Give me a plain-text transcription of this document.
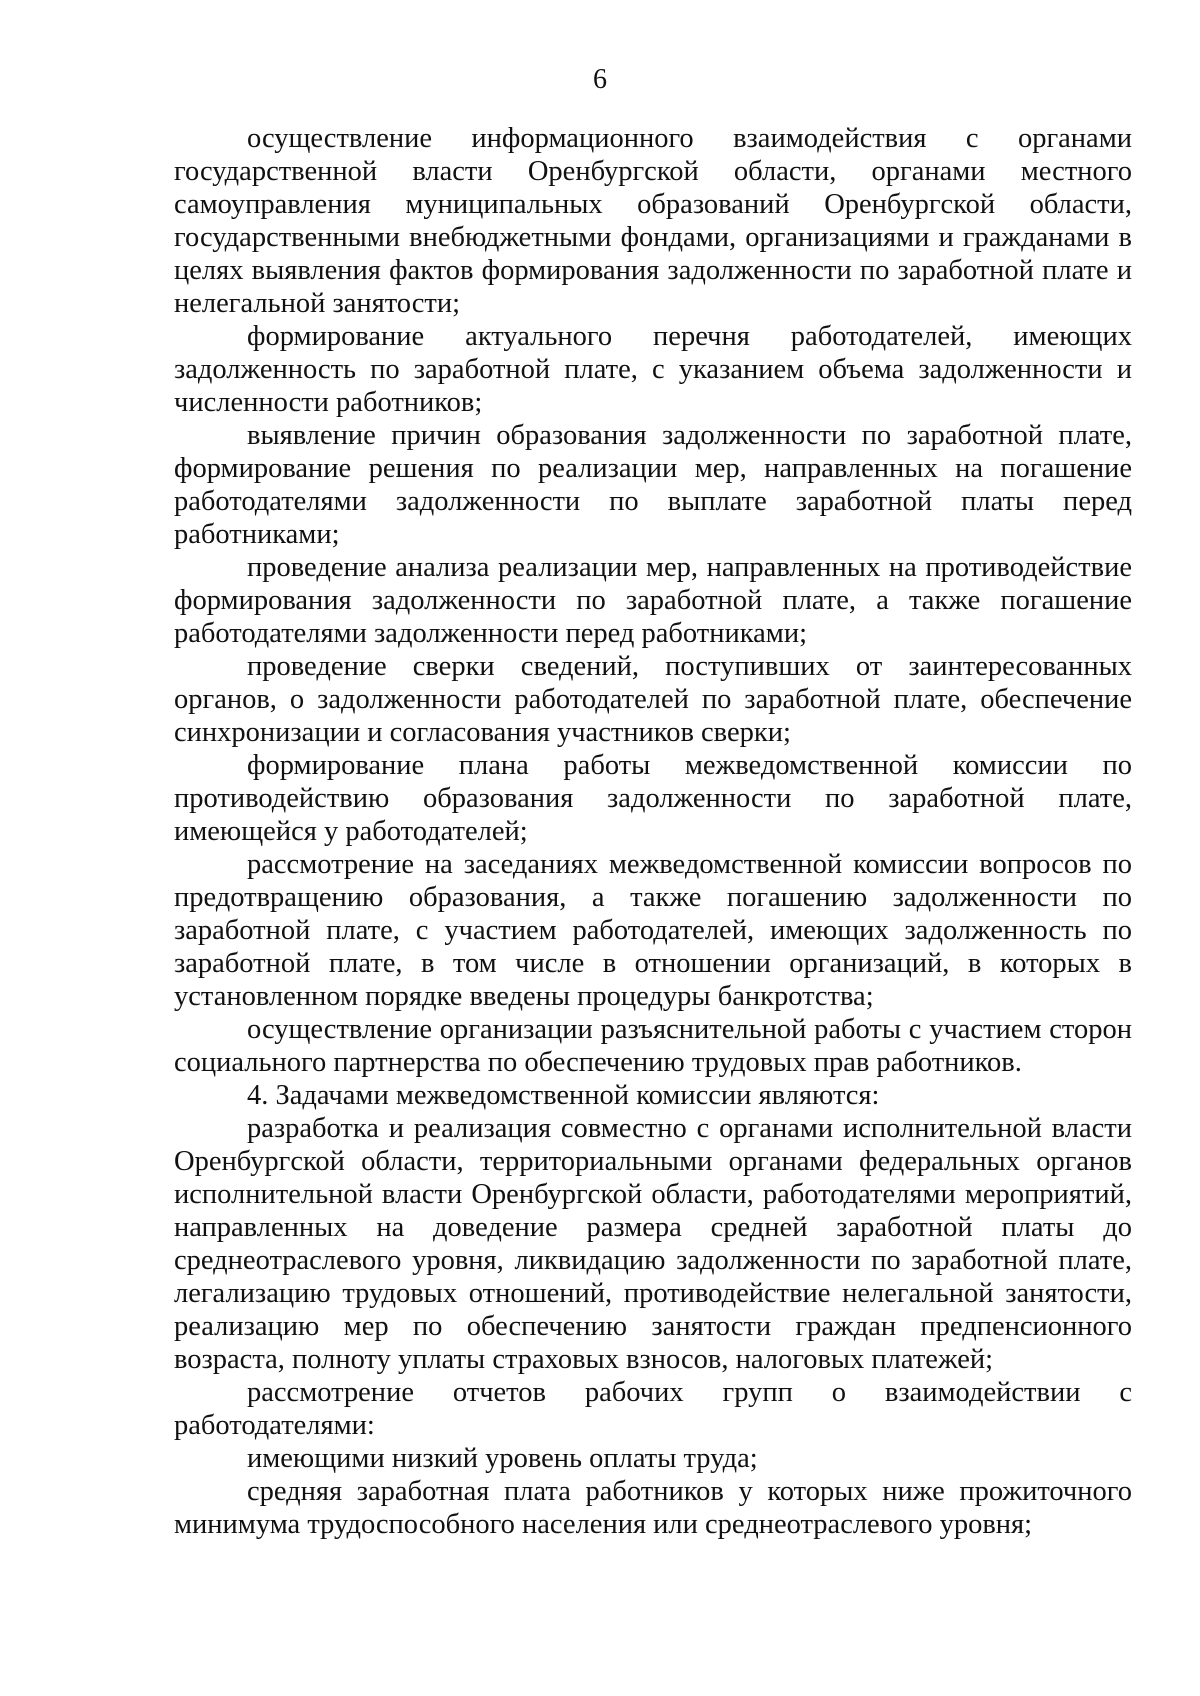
6

осуществление информационного взаимодействия с органами государственной власти Оренбургской области, органами местного самоуправления муниципальных образований Оренбургской области, государственными внебюджетными фондами, организациями и гражданами в целях выявления фактов формирования задолженности по заработной плате и нелегальной занятости;

формирование актуального перечня работодателей, имеющих задолженность по заработной плате, с указанием объема задолженности и численности работников;

выявление причин образования задолженности по заработной плате, формирование решения по реализации мер, направленных на погашение работодателями задолженности по выплате заработной платы перед работниками;

проведение анализа реализации мер, направленных на противодействие формирования задолженности по заработной плате, а также погашение работодателями задолженности перед работниками;

проведение сверки сведений, поступивших от заинтересованных органов, о задолженности работодателей по заработной плате, обеспечение синхронизации и согласования участников сверки;

формирование плана работы межведомственной комиссии по противодействию образования задолженности по заработной плате, имеющейся у работодателей;

рассмотрение на заседаниях межведомственной комиссии вопросов по предотвращению образования, а также погашению задолженности по заработной плате, с участием работодателей, имеющих задолженность по заработной плате, в том числе в отношении организаций, в которых в установленном порядке введены процедуры банкротства;

осуществление организации разъяснительной работы с участием сторон социального партнерства по обеспечению трудовых прав работников.

4. Задачами межведомственной комиссии являются:

разработка и реализация совместно с органами исполнительной власти Оренбургской области, территориальными органами федеральных органов исполнительной власти Оренбургской области, работодателями мероприятий, направленных на доведение размера средней заработной платы до среднеотраслевого уровня, ликвидацию задолженности по заработной плате, легализацию трудовых отношений, противодействие нелегальной занятости, реализацию мер по обеспечению занятости граждан предпенсионного возраста, полноту уплаты страховых взносов, налоговых платежей;

рассмотрение отчетов рабочих групп о взаимодействии с работодателями:

имеющими низкий уровень оплаты труда;

средняя заработная плата работников у которых ниже прожиточного минимума трудоспособного населения или среднеотраслевого уровня;
